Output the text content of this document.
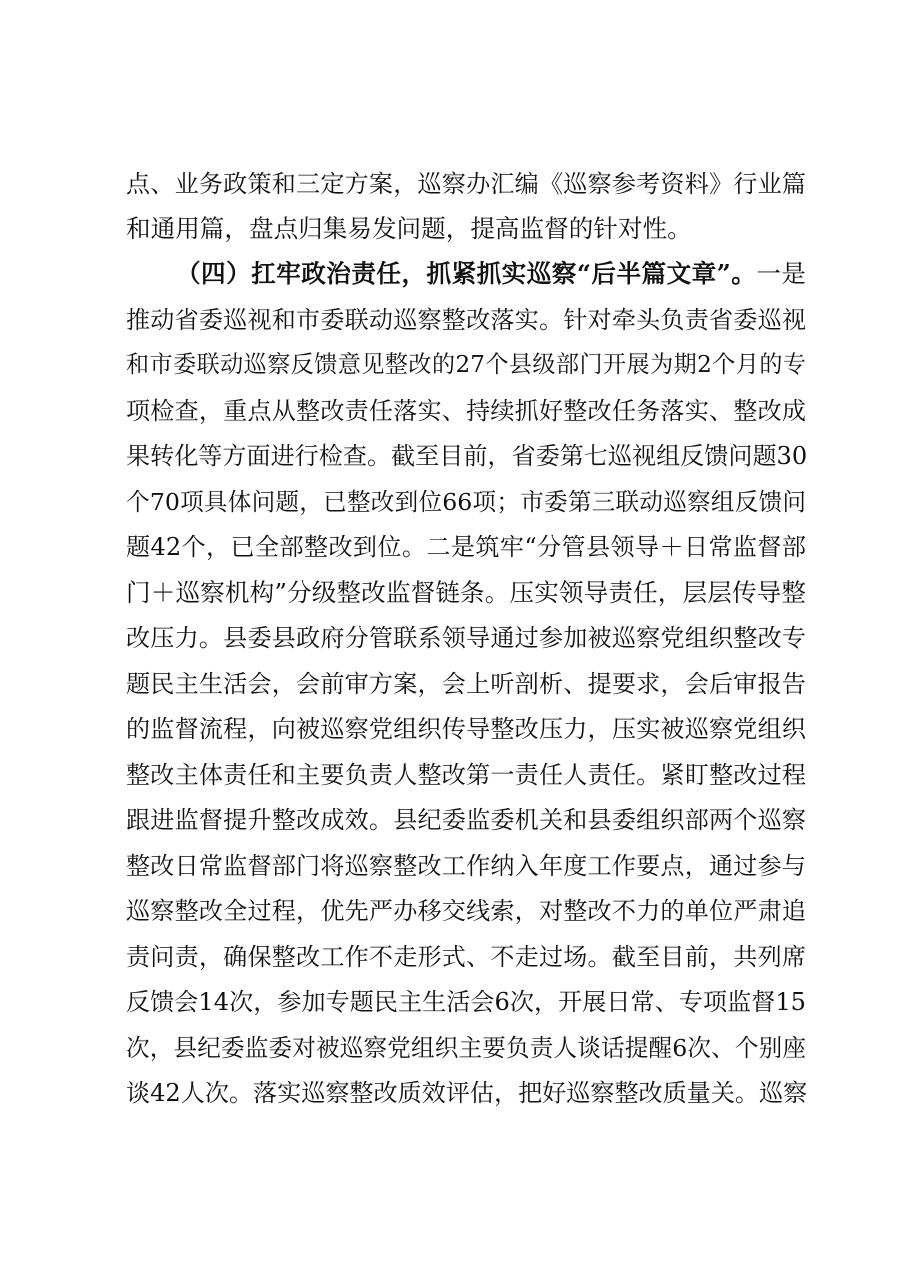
点、业务政策和三定方案，巡察办汇编《巡察参考资料》行业篇
和通用篇，盘点归集易发问题，提高监督的针对性。
（四）扛牢政治责任，抓紧抓实巡察“后半篇文章”。一是
推动省委巡视和市委联动巡察整改落实。针对牵头负责省委巡视
和市委联动巡察反馈意见整改的27个县级部门开展为期2个月的专
项检查，重点从整改责任落实、持续抓好整改任务落实、整改成
果转化等方面进行检查。截至目前，省委第七巡视组反馈问题30
个70项具体问题，已整改到位66项；市委第三联动巡察组反馈问
题42个，已全部整改到位。二是筑牢“分管县领导＋日常监督部
门＋巡察机构”分级整改监督链条。压实领导责任，层层传导整
改压力。县委县政府分管联系领导通过参加被巡察党组织整改专
题民主生活会，会前审方案，会上听剖析、提要求，会后审报告
的监督流程，向被巡察党组织传导整改压力，压实被巡察党组织
整改主体责任和主要负责人整改第一责任人责任。紧盯整改过程
跟进监督提升整改成效。县纪委监委机关和县委组织部两个巡察
整改日常监督部门将巡察整改工作纳入年度工作要点，通过参与
巡察整改全过程，优先严办移交线索，对整改不力的单位严肃追
责问责，确保整改工作不走形式、不走过场。截至目前，共列席
反馈会14次，参加专题民主生活会6次，开展日常、专项监督15
次，县纪委监委对被巡察党组织主要负责人谈话提醒6次、个别座
谈42人次。落实巡察整改质效评估，把好巡察整改质量关。巡察
